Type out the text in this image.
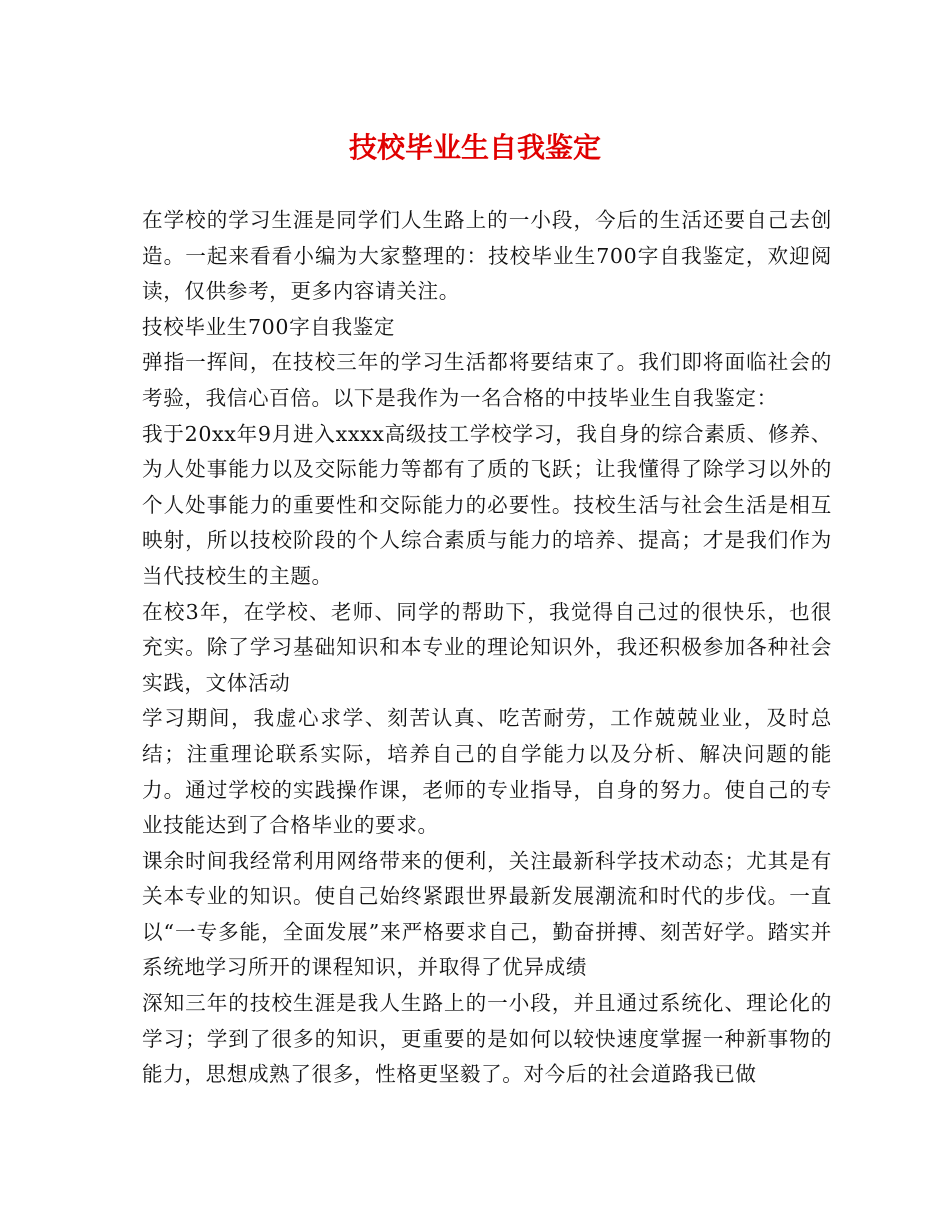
技校毕业生自我鉴定

在学校的学习生涯是同学们人生路上的一小段，今后的生活还要自己去创造。一起来看看小编为大家整理的：技校毕业生700字自我鉴定，欢迎阅读，仅供参考，更多内容请关注。

技校毕业生700字自我鉴定

弹指一挥间，在技校三年的学习生活都将要结束了。我们即将面临社会的考验，我信心百倍。以下是我作为一名合格的中技毕业生自我鉴定：

我于20xx年9月进入xxxx高级技工学校学习，我自身的综合素质、修养、为人处事能力以及交际能力等都有了质的飞跃；让我懂得了除学习以外的个人处事能力的重要性和交际能力的必要性。技校生活与社会生活是相互映射，所以技校阶段的个人综合素质与能力的培养、提高；才是我们作为当代技校生的主题。

在校3年，在学校、老师、同学的帮助下，我觉得自己过的很快乐，也很充实。除了学习基础知识和本专业的理论知识外，我还积极参加各种社会实践，文体活动

学习期间，我虚心求学、刻苦认真、吃苦耐劳，工作兢兢业业，及时总结；注重理论联系实际，培养自己的自学能力以及分析、解决问题的能力。通过学校的实践操作课，老师的专业指导，自身的努力。使自己的专业技能达到了合格毕业的要求。

课余时间我经常利用网络带来的便利，关注最新科学技术动态；尤其是有关本专业的知识。使自己始终紧跟世界最新发展潮流和时代的步伐。一直以“一专多能，全面发展”来严格要求自己，勤奋拼搏、刻苦好学。踏实并系统地学习所开的课程知识，并取得了优异成绩

深知三年的技校生涯是我人生路上的一小段，并且通过系统化、理论化的学习；学到了很多的知识，更重要的是如何以较快速度掌握一种新事物的能力，思想成熟了很多，性格更坚毅了。对今后的社会道路我已做
